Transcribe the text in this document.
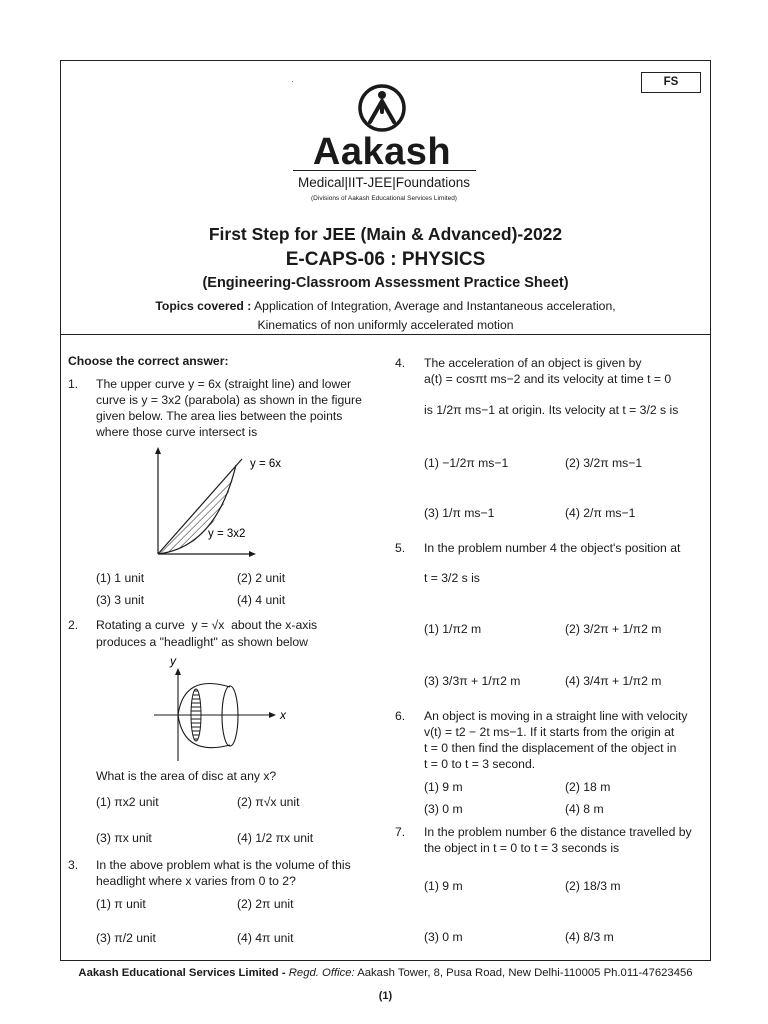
FS
·
Aakash
Medical|IIT-JEE|Foundations
(Divisions of Aakash Educational Services Limited)
First Step for JEE (Main & Advanced)-2022
E-CAPS-06 : PHYSICS
(Engineering-Classroom Assessment Practice Sheet)
Topics covered : Application of Integration, Average and Instantaneous acceleration,
Kinematics of non uniformly accelerated motion
Choose the correct answer:
1. The upper curve y = 6x (straight line) and lower
curve is y = 3x2 (parabola) as shown in the figure
given below. The area lies between the points
where those curve intersect is
y = 6x
y = 3x2
(1) 1 unit	(2) 2 unit
(3) 3 unit	(4) 4 unit
2. Rotating a curve y = √x about the x-axis
produces a "headlight" as shown below
y
x
What is the area of disc at any x?
(1) πx2 unit	(2) π√x unit
(3) πx unit	(4) 1/2 πx unit
3. In the above problem what is the volume of this
headlight where x varies from 0 to 2?
(1) π unit	(2) 2π unit
(3) π/2 unit	(4) 4π unit
4. The acceleration of an object is given by
a(t) = cosπt ms−2 and its velocity at time t = 0
is 1/2π ms−1 at origin. Its velocity at t = 3/2 s is
(1) −1/2π ms−1	(2) 3/2π ms−1
(3) 1/π ms−1	(4) 2/π ms−1
5. In the problem number 4 the object's position at
t = 3/2 s is
(1) 1/π2 m	(2) 3/2π + 1/π2 m
(3) 3/3π + 1/π2 m	(4) 3/4π + 1/π2 m
6. An object is moving in a straight line with velocity
v(t) = t2 − 2t ms−1. If it starts from the origin at
t = 0 then find the displacement of the object in
t = 0 to t = 3 second.
(1) 9 m	(2) 18 m
(3) 0 m	(4) 8 m
7. In the problem number 6 the distance travelled by
the object in t = 0 to t = 3 seconds is
(1) 9 m	(2) 18/3 m
(3) 0 m	(4) 8/3 m
Aakash Educational Services Limited - Regd. Office: Aakash Tower, 8, Pusa Road, New Delhi-110005 Ph.011-47623456
(1)
